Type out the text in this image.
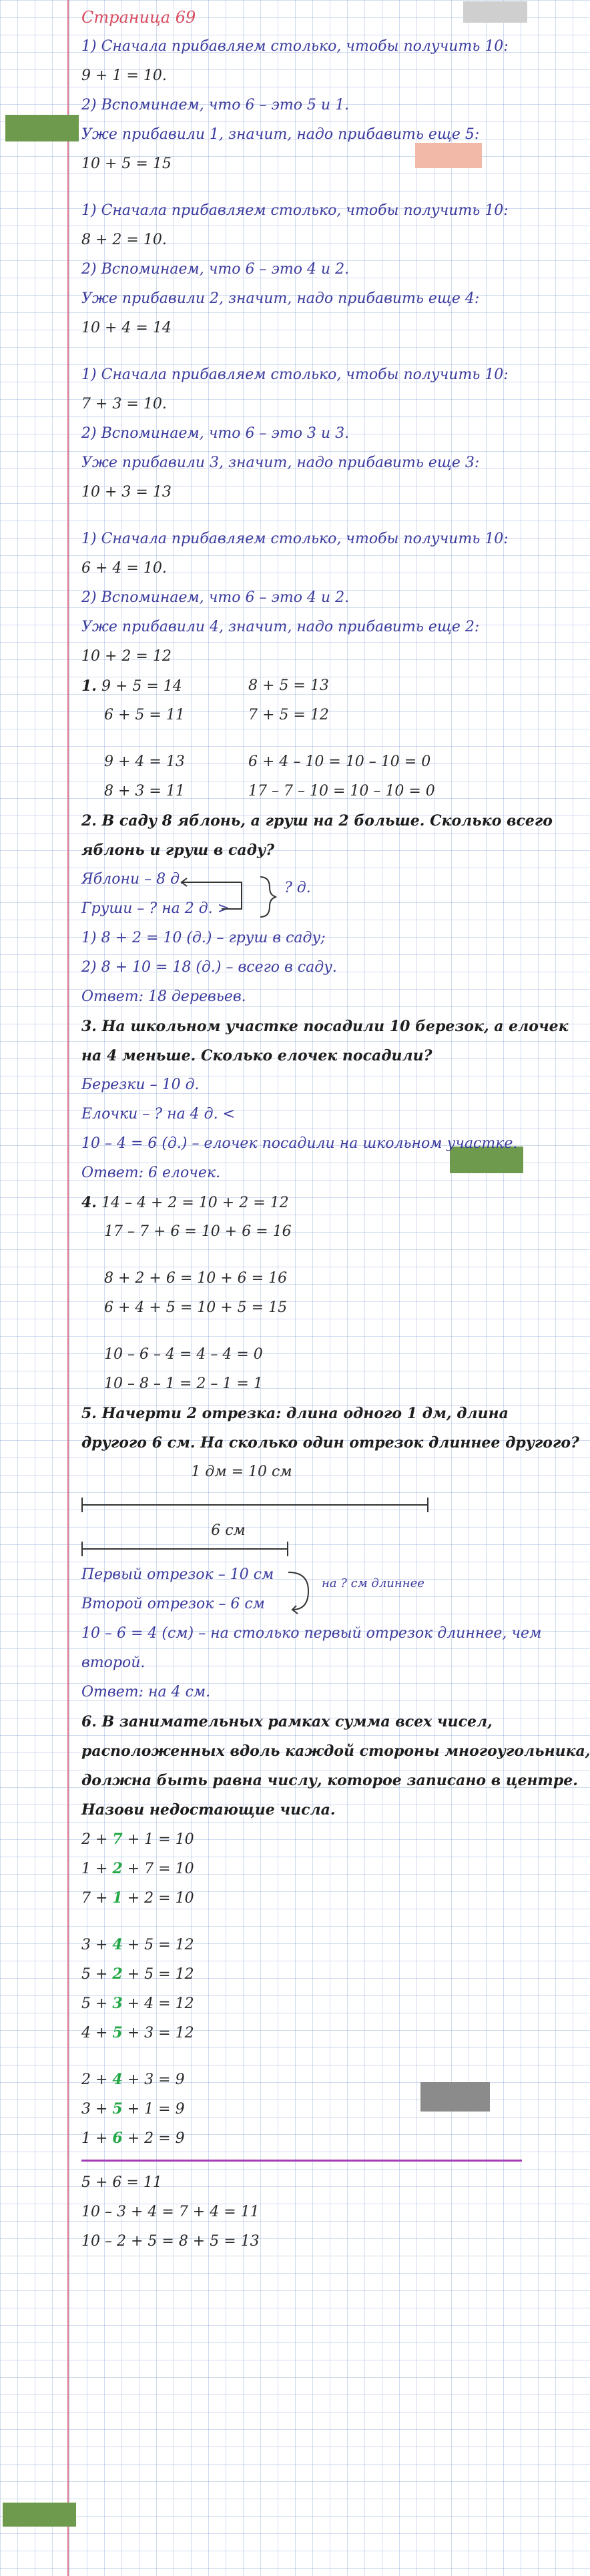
Страница 69
1) Сначала прибавляем столько, чтобы получить 10:
9 + 1 = 10.
2) Вспоминаем, что 6 – это 5 и 1.
Уже прибавили 1, значит, надо прибавить еще 5:
10 + 5 = 15
1) Сначала прибавляем столько, чтобы получить 10:
8 + 2 = 10.
2) Вспоминаем, что 6 – это 4 и 2.
Уже прибавили 2, значит, надо прибавить еще 4:
10 + 4 = 14
1) Сначала прибавляем столько, чтобы получить 10:
7 + 3 = 10.
2) Вспоминаем, что 6 – это 3 и 3.
Уже прибавили 3, значит, надо прибавить еще 3:
10 + 3 = 13
1) Сначала прибавляем столько, чтобы получить 10:
6 + 4 = 10.
2) Вспоминаем, что 6 – это 4 и 2.
Уже прибавили 4, значит, надо прибавить еще 2:
10 + 2 = 12
1. 9 + 5 = 14	8 + 5 = 13
6 + 5 = 11	7 + 5 = 12
9 + 4 = 13	6 + 4 – 10 = 10 – 10 = 0
8 + 3 = 11	17 – 7 – 10 = 10 – 10 = 0
2. В саду 8 яблонь, а груш на 2 больше. Сколько всего
яблонь и груш в саду?
Яблони – 8 д.
Груши – ? на 2 д. >
? д.
1) 8 + 2 = 10 (д.) – груш в саду;
2) 8 + 10 = 18 (д.) – всего в саду.
Ответ: 18 деревьев.
3. На школьном участке посадили 10 березок, а елочек
на 4 меньше. Сколько елочек посадили?
Березки – 10 д.
Елочки – ? на 4 д. <
10 – 4 = 6 (д.) – елочек посадили на школьном участке.
Ответ: 6 елочек.
4. 14 – 4 + 2 = 10 + 2 = 12
17 – 7 + 6 = 10 + 6 = 16
8 + 2 + 6 = 10 + 6 = 16
6 + 4 + 5 = 10 + 5 = 15
10 – 6 – 4 = 4 – 4 = 0
10 – 8 – 1 = 2 – 1 = 1
5. Начерти 2 отрезка: длина одного 1 дм, длина
другого 6 см. На сколько один отрезок длиннее другого?
1 дм = 10 см
6 см
Первый отрезок – 10 см
Второй отрезок – 6 см
на ? см длиннее
10 – 6 = 4 (см) – на столько первый отрезок длиннее, чем
второй.
Ответ: на 4 см.
6. В занимательных рамках сумма всех чисел,
расположенных вдоль каждой стороны многоугольника,
должна быть равна числу, которое записано в центре.
Назови недостающие числа.
2 + 7 + 1 = 10
1 + 2 + 7 = 10
7 + 1 + 2 = 10
3 + 4 + 5 = 12
5 + 2 + 5 = 12
5 + 3 + 4 = 12
4 + 5 + 3 = 12
2 + 4 + 3 = 9
3 + 5 + 1 = 9
1 + 6 + 2 = 9
5 + 6 = 11
10 – 3 + 4 = 7 + 4 = 11
10 – 2 + 5 = 8 + 5 = 13
